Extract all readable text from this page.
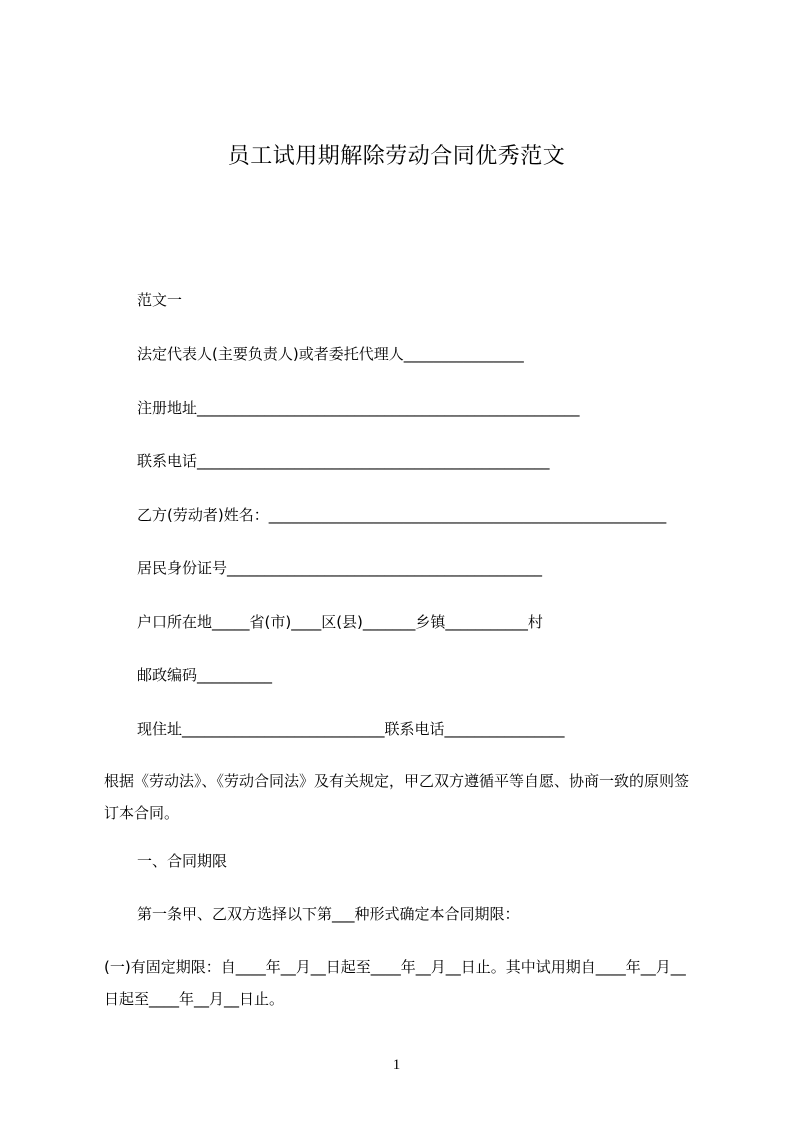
员工试用期解除劳动合同优秀范文
范文一
法定代表人(主要负责人)或者委托代理人________________
注册地址___________________________________________________
联系电话_______________________________________________
乙方(劳动者)姓名：_____________________________________________________
居民身份证号__________________________________________
户口所在地_____省(市)____区(县)_______乡镇___________村
邮政编码__________
现住址___________________________联系电话________________
根据《劳动法》、《劳动合同法》及有关规定，甲乙双方遵循平等自愿、协商一致的原则签订本合同。
一、合同期限
第一条甲、乙双方选择以下第___种形式确定本合同期限：
(一)有固定期限：自____年__月__日起至____年__月__日止。其中试用期自____年__月__日起至____年__月__日止。
1
